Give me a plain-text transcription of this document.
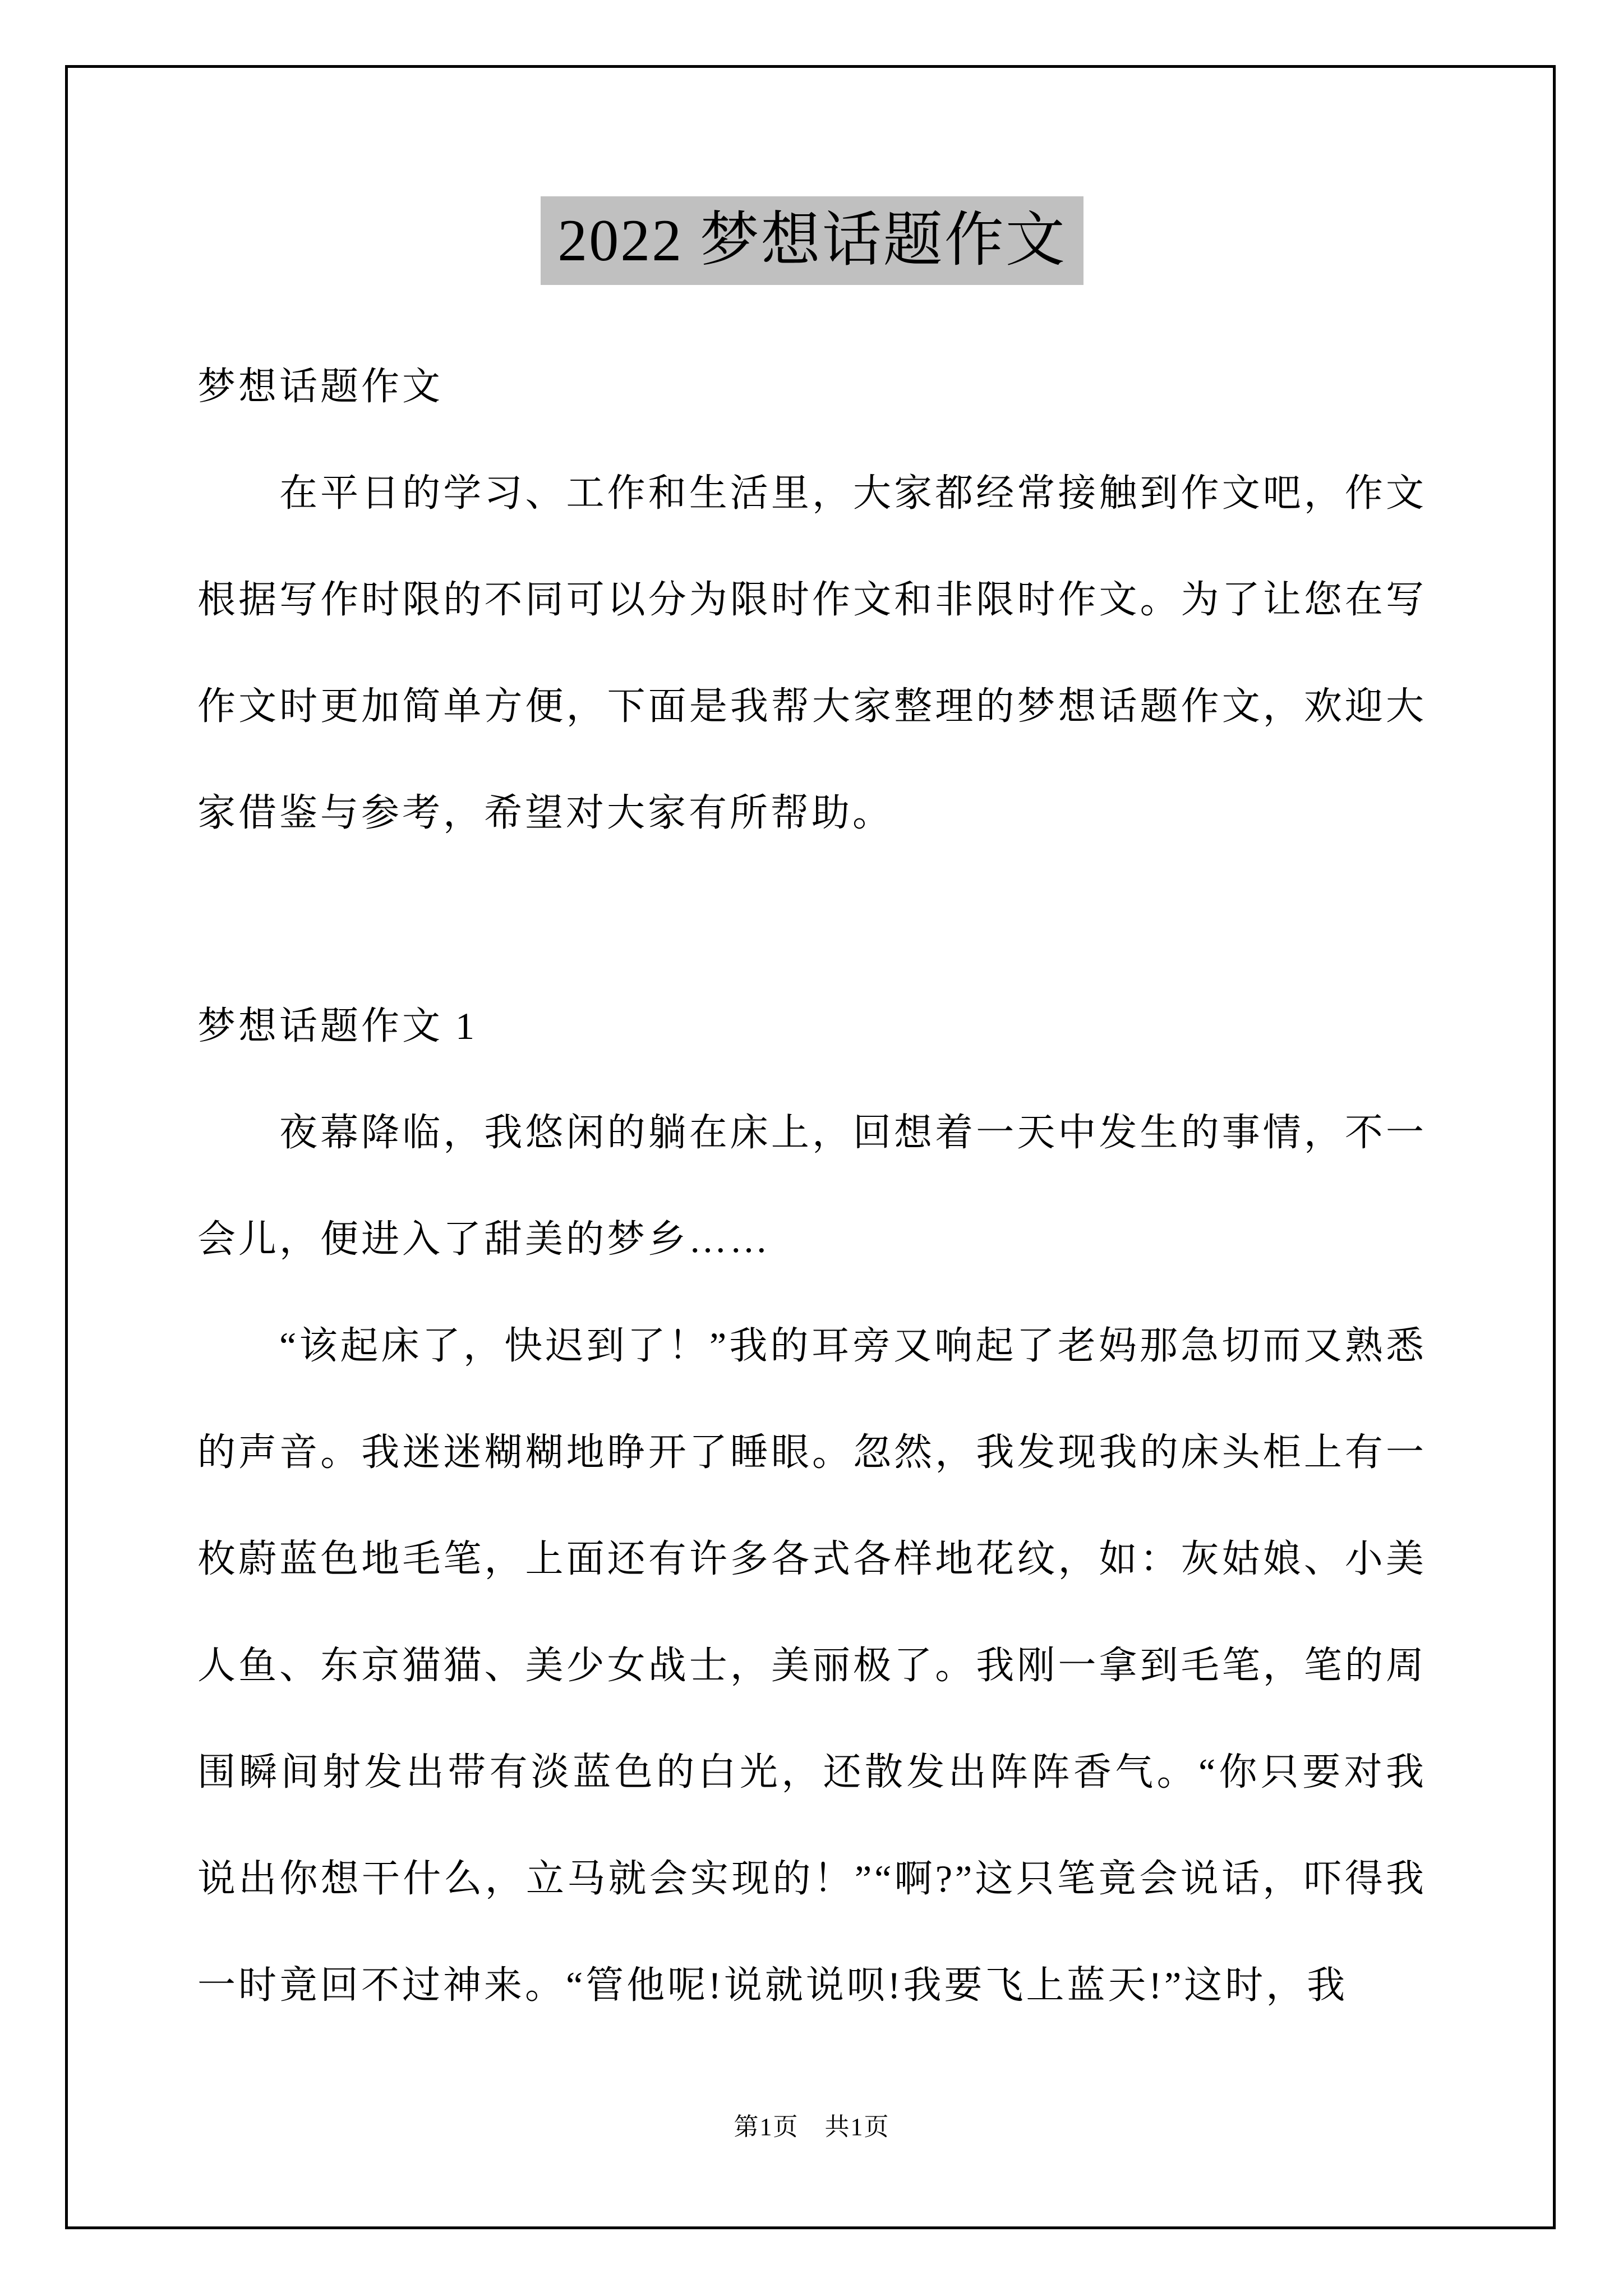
2022 梦想话题作文

梦想话题作文

在平日的学习、工作和生活里，大家都经常接触到作文吧，作文根据写作时限的不同可以分为限时作文和非限时作文。为了让您在写作文时更加简单方便，下面是我帮大家整理的梦想话题作文，欢迎大家借鉴与参考，希望对大家有所帮助。

梦想话题作文 1

夜幕降临，我悠闲的躺在床上，回想着一天中发生的事情，不一会儿，便进入了甜美的梦乡……

“该起床了，快迟到了！”我的耳旁又响起了老妈那急切而又熟悉的声音。我迷迷糊糊地睁开了睡眼。忽然，我发现我的床头柜上有一枚蔚蓝色地毛笔，上面还有许多各式各样地花纹，如：灰姑娘、小美人鱼、东京猫猫、美少女战士，美丽极了。我刚一拿到毛笔，笔的周围瞬间射发出带有淡蓝色的白光，还散发出阵阵香气。“你只要对我说出你想干什么，立马就会实现的！”“啊?”这只笔竟会说话，吓得我一时竟回不过神来。“管他呢!说就说呗!我要飞上蓝天!”这时，我

第1页　共1页
